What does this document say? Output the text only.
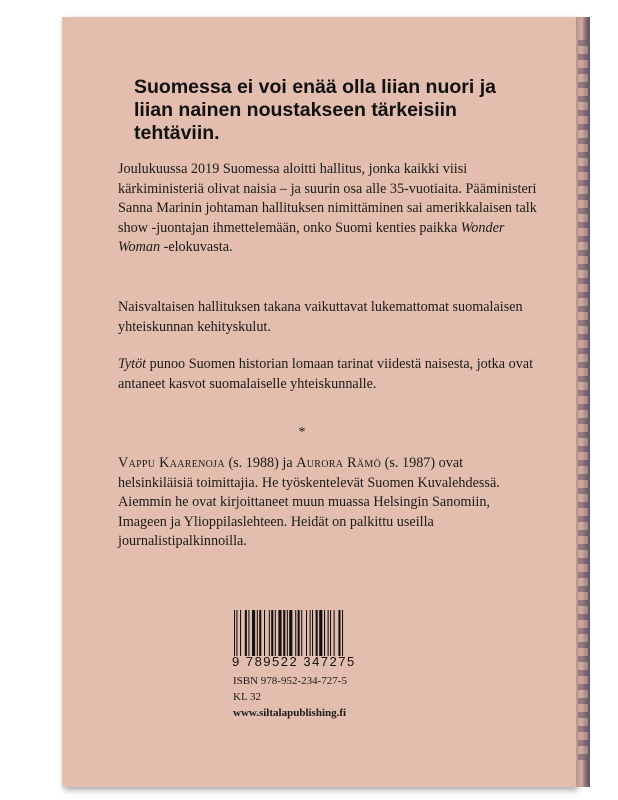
Suomessa ei voi enää olla liian nuori ja liian nainen noustakseen tärkeisiin tehtäviin.

Joulukuussa 2019 Suomessa aloitti hallitus, jonka kaikki viisi kärkiministeriä olivat naisia – ja suurin osa alle 35-vuotiaita. Pääministeri Sanna Marinin johtaman hallituksen nimittäminen sai amerikkalaisen talk show -juontajan ihmettelemään, onko Suomi kenties paikka Wonder Woman -elokuvasta.

Naisvaltaisen hallituksen takana vaikuttavat lukemattomat suomalaisen yhteiskunnan kehityskulut.

Tytöt punoo Suomen historian lomaan tarinat viidestä naisesta, jotka ovat antaneet kasvot suomalaiselle yhteiskunnalle.

*

Vappu Kaarenoja (s. 1988) ja Aurora Rämö (s. 1987) ovat helsinkiläisiä toimittajia. He työskentelevät Suomen Kuvalehdessä. Aiemmin he ovat kirjoittaneet muun muassa Helsingin Sanomiin, Imageen ja Ylioppilaslehteen. Heidät on palkittu useilla journalistipalkinnoilla.

9 789522 347275

ISBN 978-952-234-727-5

KL 32

www.siltalapublishing.fi
